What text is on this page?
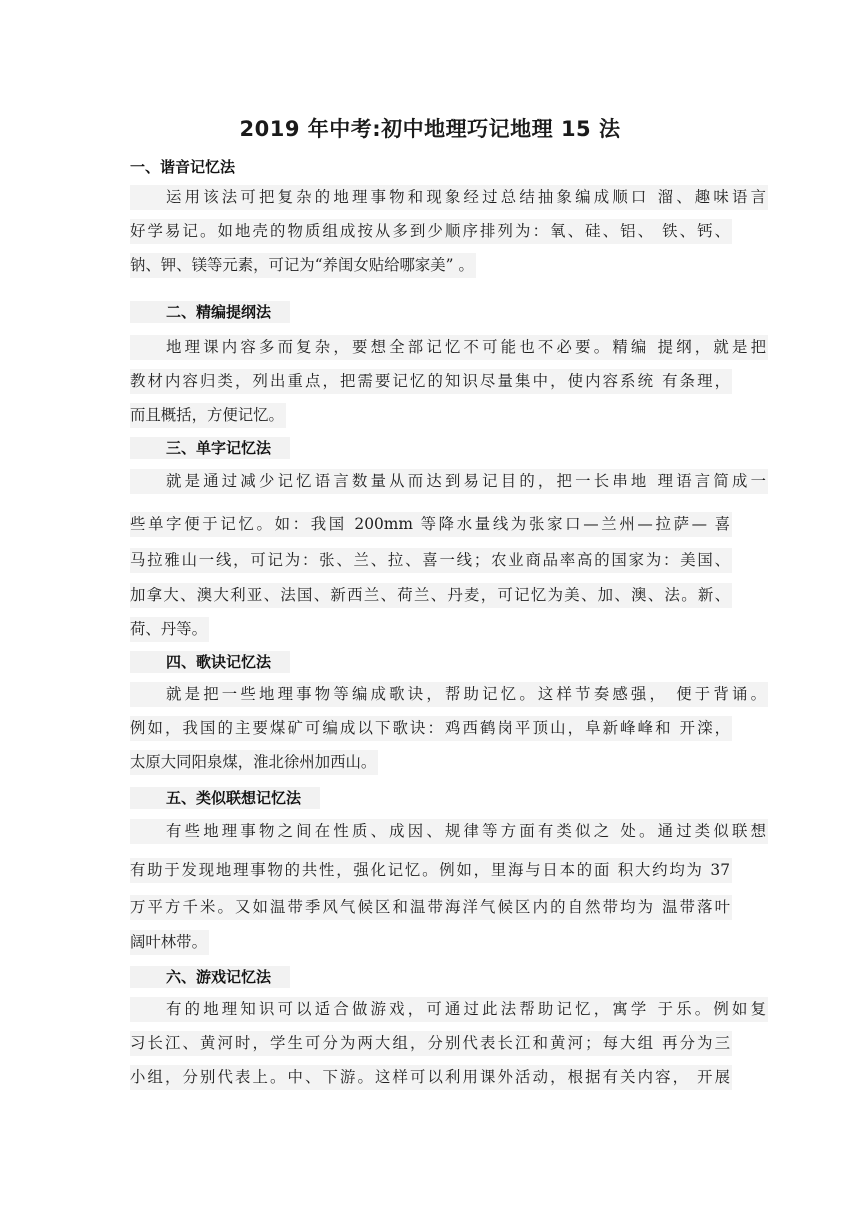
2019 年中考:初中地理巧记地理 15 法
一、谐音记忆法
运用该法可把复杂的地理事物和现象经过总结抽象编成顺口 溜、趣味语言
好学易记。如地壳的物质组成按从多到少顺序排列为：氧、硅、铝、 铁、钙、
钠、钾、镁等元素，可记为“养闺女贴给哪家美” 。
二、精编提纲法
地理课内容多而复杂，要想全部记忆不可能也不必要。精编 提纲，就是把
教材内容归类，列出重点，把需要记忆的知识尽量集中，使内容系统 有条理，
而且概括，方便记忆。
三、单字记忆法
就是通过减少记忆语言数量从而达到易记目的，把一长串地 理语言简成一
些单字便于记忆。如：我国 200mm 等降水量线为张家口—兰州—拉萨— 喜
马拉雅山一线，可记为：张、兰、拉、喜一线；农业商品率高的国家为：美国、
加拿大、澳大利亚、法国、新西兰、荷兰、丹麦，可记忆为美、加、澳、法。新、
荷、丹等。
四、歌诀记忆法
就是把一些地理事物等编成歌诀，帮助记忆。这样节奏感强， 便于背诵。
例如，我国的主要煤矿可编成以下歌诀：鸡西鹤岗平顶山，阜新峰峰和 开滦，
太原大同阳泉煤，淮北徐州加西山。
五、类似联想记忆法
有些地理事物之间在性质、成因、规律等方面有类似之 处。通过类似联想
有助于发现地理事物的共性，强化记忆。例如，里海与日本的面 积大约均为 37
万平方千米。又如温带季风气候区和温带海洋气候区内的自然带均为 温带落叶
阔叶林带。
六、游戏记忆法
有的地理知识可以适合做游戏，可通过此法帮助记忆，寓学 于乐。例如复
习长江、黄河时，学生可分为两大组，分别代表长江和黄河；每大组 再分为三
小组，分别代表上。中、下游。这样可以利用课外活动，根据有关内容， 开展
